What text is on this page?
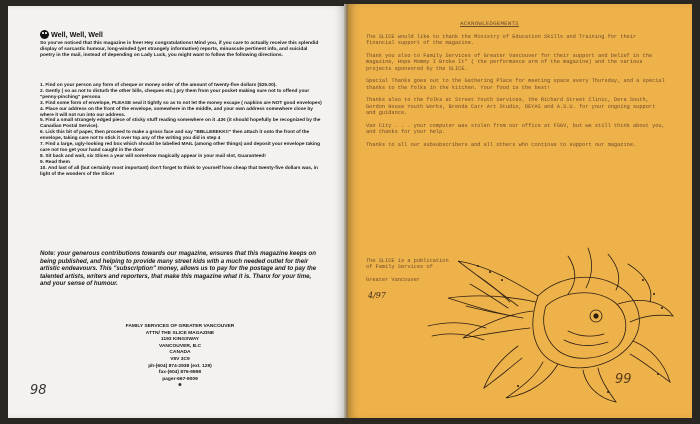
Well, Well, Well

So you've noticed that this magazine is free! Hey congratulations! Mind you, if you care to actually receive this splendid display of sarcastic humour, long-winded (yet strangely informative) reports, minuscule pertinent info, and suicidal poetry in the mail, instead of depending on Lady Luck, you might want to follow the following directions.

1. Find on your person any form of cheque or money order of the amount of twenty-five dollars ($25.00).
2. Gently ( so as not to disturb the other bills, cheques etc.) pry them from your pocket making sure not to offend your "penny-pinching" persona
3. Find some form of envelope, PLEASE seal it tightly so as to not let the money escape ( napkins are NOT good envelopes)
4. Place our address on the front of the envelope, somewhere in the middle, and your own address somewhere close by where it will not run into our address.
5. Find a small strangely edged piece of sticky stuff reading somewhere on it .43¢ (it should hopefully be recognized by the Canadian Postal Service).
6. Lick this bit of paper, then proceed to make a gross face and say "BBLLEEEKK!!" then attach it onto the front of the envelope, taking care not to stick it over top any of the writing you did in step 4
7. Find a large, ugly-looking red box which should be labelled MAIL (among other things) and deposit your envelope taking care not too get your hand caught in the door
8. Sit back and wait, six Slices a year will somehow magically appear in your mail slot, Guaranteed!
9. Read them
10. And last of all (but certainly most important) don't forget to think to yourself how cheap that twenty-five dollars was, in light of the wonders of the Slice!

Note: your generous contributions towards our magazine, ensures that this magazine keeps on being published, and helping to provide many street kids with a much needed outlet for their artistic endeavours. This "subscription" money, allows us to pay for the postage and to pay the talented artists, writers and reporters, that make this magazine what it is. Thanx for your time, and your sense of humour.

FAMILY SERVICES OF GREATER VANCOUVER
ATTN/ THE SLICE MAGAZINE
1193 KINGSWAY
VANCOUVER, B.C
CANADA
V5V 3C9
ph-(604) 874-2938 (ext. 129)
fax-(604) 876-9898
pager-667-9009
☻
98
ACKNOWLEDGEMENTS

The SLICE would like to thank the Ministry of Education Skills and Training for their financial support of the magazine.

Thank you also to Family Services of Greater Vancouver for their support and belief in the magazine, Hope Mommy I Broke It* ( the performance arm of the magazine) and the various projects sponsored by the SLICE.

Special Thanks goes out to the Gathering Place for meeting space every Thursday, and a special thanks to the folks in the kitchen. Your food is the best!

Thanks also to the folks at Street Youth Services, the Richard Street Clinic, Dera South, Gordon House Youth Works, Brenda Carr Art Studio, DEYAS and A.S.U. for your ongoing support and guidance.

Van City . . . your computer was stolen from our office at FSGV, but we still think about you, and thanks for your help.

Thanks to all our subsubscribers and all others who continue to support our magazine.

The SLICE is a publication
of Family Services of
Greater Vancouver
4/97
99
